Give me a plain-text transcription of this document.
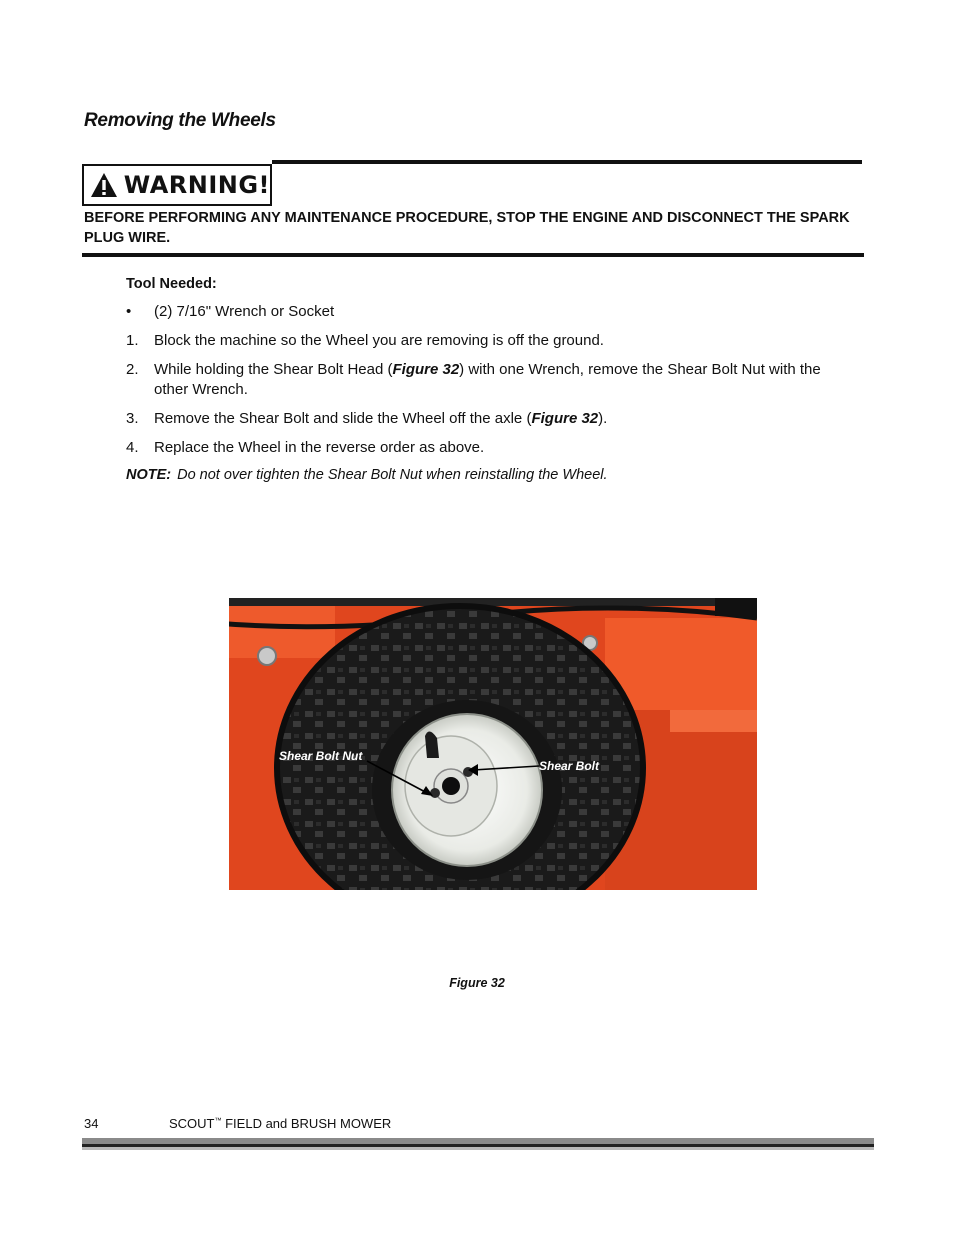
Removing the Wheels
WARNING!

BEFORE PERFORMING ANY MAINTENANCE PROCEDURE, STOP THE ENGINE AND DISCONNECT THE SPARK PLUG WIRE.

Tool Needed:

•	(2) 7/16" Wrench or Socket
1.	Block the machine so the Wheel you are removing is off the ground.
2.	While holding the Shear Bolt Head (Figure 32) with one Wrench, remove the Shear Bolt Nut with the other Wrench.
3.	Remove the Shear Bolt and slide the Wheel off the axle (Figure 32).
4.	Replace the Wheel in the reverse order as above.
NOTE: Do not over tighten the Shear Bolt Nut when reinstalling the Wheel.
Shear Bolt Nut
Shear Bolt
Figure 32
34	SCOUT™ FIELD and BRUSH MOWER
